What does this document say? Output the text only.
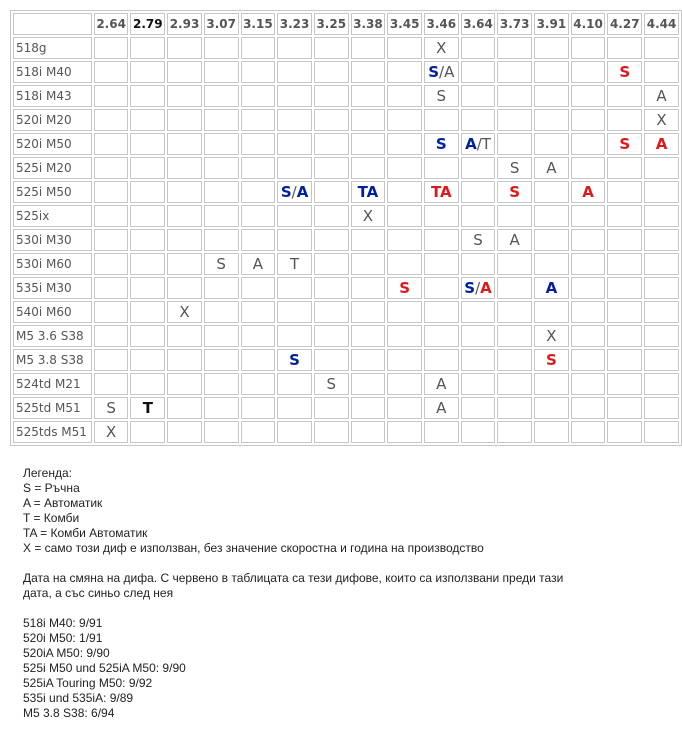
	2.64	2.79	2.93	3.07	3.15	3.23	3.25	3.38	3.45	3.46	3.64	3.73	3.91	4.10	4.27	4.44
518g										X						
518i M40										S/A					S	
518i M43										S						A
520i M20																X
520i M50										S	A/T				S	A
525i M20												S	A			
525i M50						S/A		TA		TA		S		A		
525ix								X								
530i M30											S	A				
530i M60				S	A	T										
535i M30									S		S/A		A			
540i M60			X													
M5 3.6 S38													X			
M5 3.8 S38						S							S			
524td M21							S			A						
525td M51	S	T								A						
525tds M51	X															
Легенда:
S = Ръчна
A = Автоматик
T = Комби
TA = Комби Автоматик
X = само този диф е използван, без значение скоростна и година на производство
Дата на смяна на дифа. С червено в таблицата са тези дифове, които са използвани преди тази
дата, а със синьо след нея
518i M40: 9/91
520i M50: 1/91
520iA M50: 9/90
525i M50 und 525iA M50: 9/90
525iA Touring M50: 9/92
535i und 535iA: 9/89
M5 3.8 S38: 6/94
